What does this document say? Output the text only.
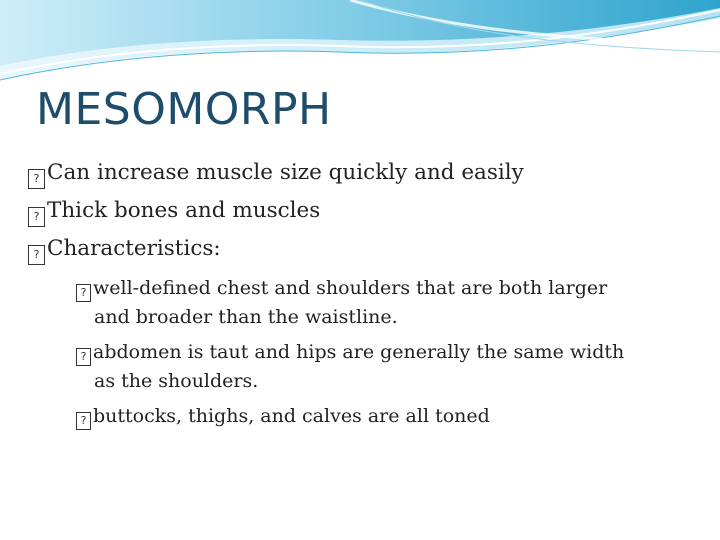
MESOMORPH
? Can increase muscle size quickly and easily
? Thick bones and muscles
? Characteristics:
? well-defined chest and shoulders that are both larger
and broader than the waistline.
? abdomen is taut and hips are generally the same width
as the shoulders.
? buttocks, thighs, and calves are all toned
